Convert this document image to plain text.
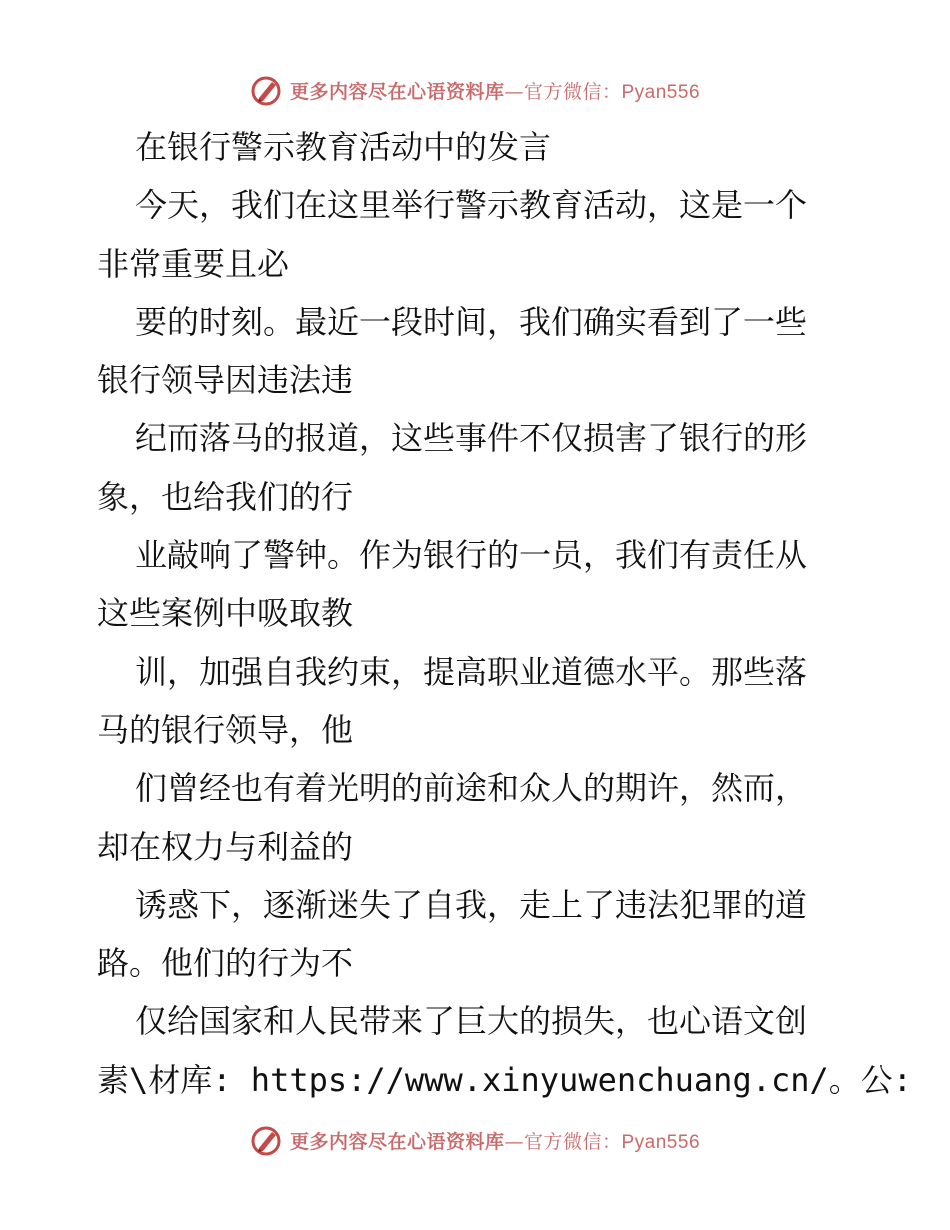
更多内容尽在心语资料库—官方微信：Pyan556
在银行警示教育活动中的发言
今天，我们在这里举行警示教育活动，这是一个
非常重要且必
要的时刻。最近一段时间，我们确实看到了一些
银行领导因违法违
纪而落马的报道，这些事件不仅损害了银行的形
象，也给我们的行
业敲响了警钟。作为银行的一员，我们有责任从
这些案例中吸取教
训，加强自我约束，提高职业道德水平。那些落
马的银行领导，他
们曾经也有着光明的前途和众人的期许，然而，
却在权力与利益的
诱惑下，逐渐迷失了自我，走上了违法犯罪的道
路。他们的行为不
仅给国家和人民带来了巨大的损失，也心语文创
素\材库: https://www.xinyuwenchuang.cn/。公:
更多内容尽在心语资料库—官方微信：Pyan556
